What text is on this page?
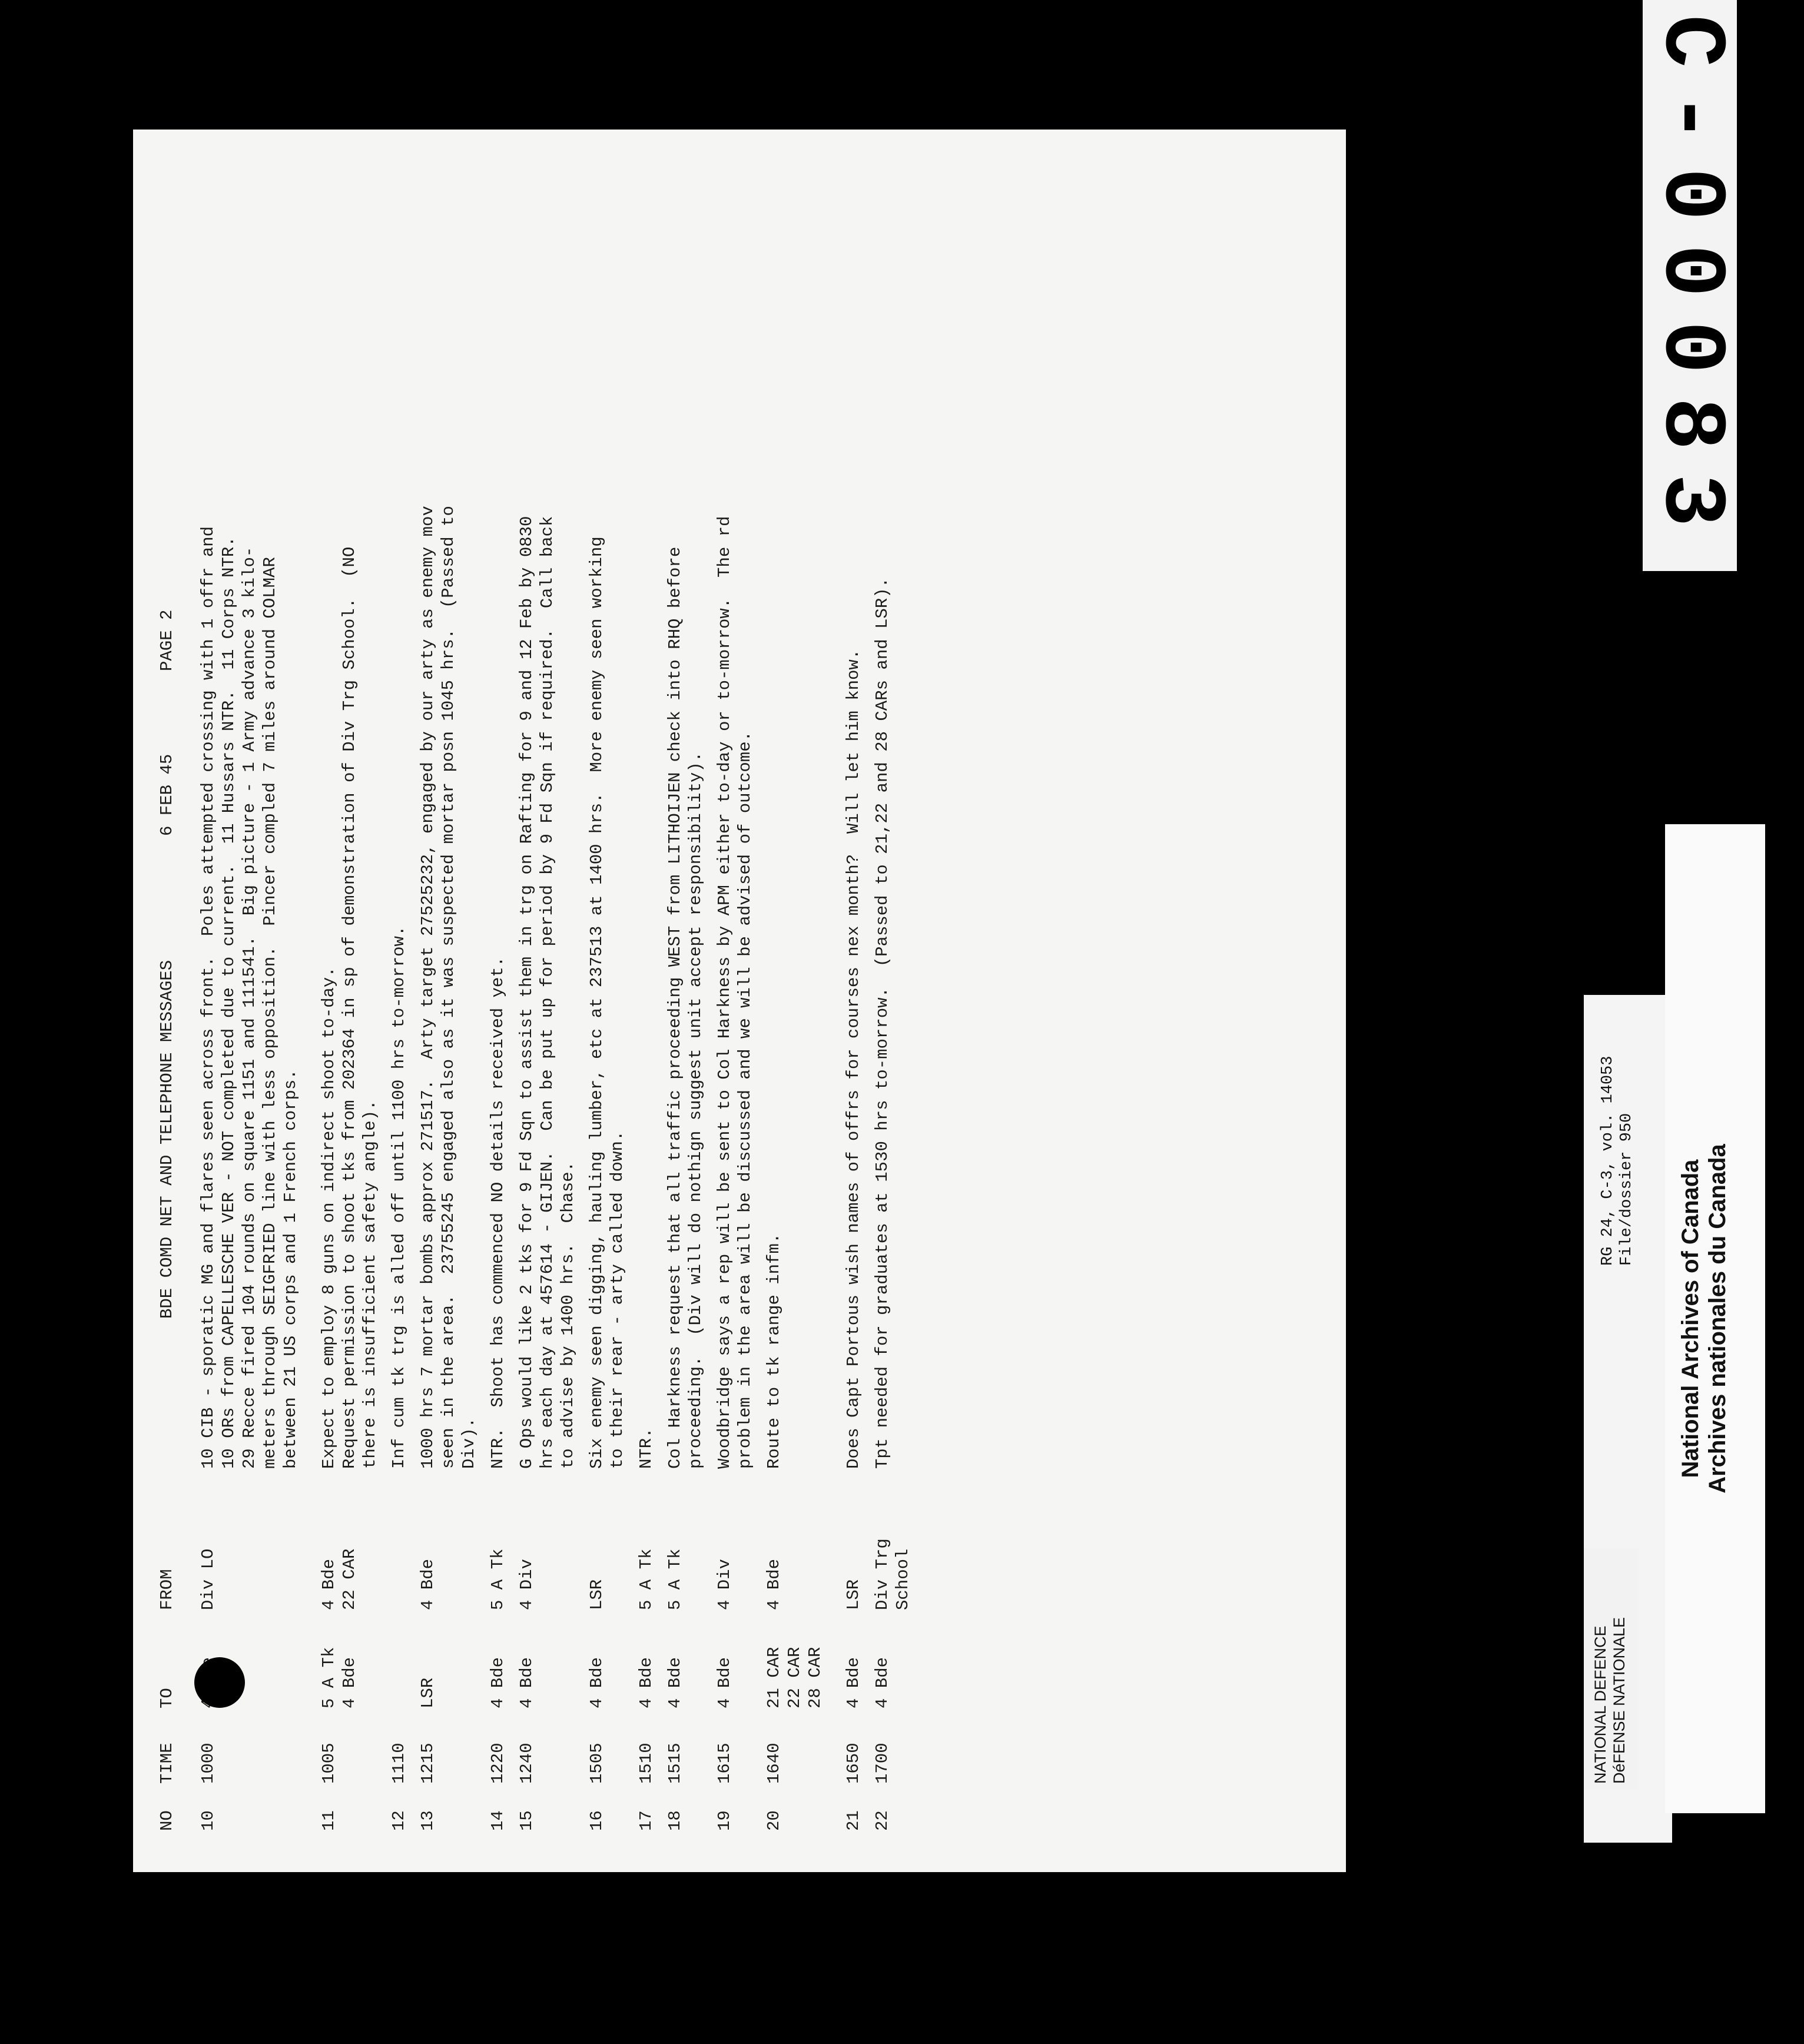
NO
TIME
TO
FROM
BDE COMD NET AND TELEPHONE MESSAGES
6 FEB 45
PAGE 2
10
1000
Div LO
10 CIB - sporatic MG and flares seen across front.  Poles attempted crossing with 1 offr and 10 ORs from CAPELLESCHE VER - NOT completed due to current.  11 Hussars NTR.  11 Corps NTR. 29 Recce fired 104 rounds on square 1151 and 111541.  Big picture - 1 Army advance 3 kilo- meters through SEIGFRIED line with less opposition.  Pincer compled 7 miles around COLMAR between 21 US corps and 1 French corps.
11
1005
5 A Tk 4 Bde
4 Bde 22 CAR
Expect to employ 8 guns on indirect shoot to-day. Request permission to shoot tks from 202364 in sp of demonstration of Div Trg School.  (NO there is insufficient safety angle).
12
1110
Inf cum tk trg is alled off until 1100 hrs to-morrow.
13
1215
LSR
4 Bde
1000 hrs 7 mortar bombs approx 271517.  Arty target 27525232, engaged by our arty as enemy mov seen in the area.  23755245 engaged also as it was suspected mortar posn 1045 hrs.  (Passed to Div).
14
1220
4 Bde
5 A Tk
NTR.  Shoot has commenced NO details received yet.
15
1240
4 Bde
4 Div
G Ops would like 2 tks for 9 Fd Sqn to assist them in trg on Rafting for 9 and 12 Feb by 0830 hrs each day at 457614 - GIJEN.  Can be put up for period by 9 Fd Sqn if required.  Call back to advise by 1400 hrs.  Chase.
16
1505
4 Bde
LSR
Six enemy seen digging, hauling lumber, etc at 237513 at 1400 hrs.  More enemy seen working to their rear - arty called down.
17
1510
4 Bde
5 A Tk
NTR.
18
1515
4 Bde
5 A Tk
Col Harkness request that all traffic proceeding WEST from LITHOIJEN check into RHQ before proceeding.  (Div will do nothign suggest unit accept responsibility).
19
1615
4 Bde
4 Div
Woodbridge says a rep will be sent to Col Harkness by APM either to-day or to-morrow.  The rd problem in the area will be discussed and we will be advised of outcome.
20
1640
21 CAR 22 CAR 28 CAR
4 Bde
Route to tk range infm.
21
1650
4 Bde
LSR
Does Capt Portous wish names of offrs for courses nex month?  Will let him know.
22
1700
4 Bde
Div Trg School
Tpt needed for graduates at 1530 hrs to-morrow.  (Passed to 21,22 and 28 CARs and LSR).
C-00083
NATIONAL DEFENCE DéFENSE NATIONALE
RG 24, C-3, vol. 14053 File/dossier 950 National Archives of Canada Archives nationales du Canada
